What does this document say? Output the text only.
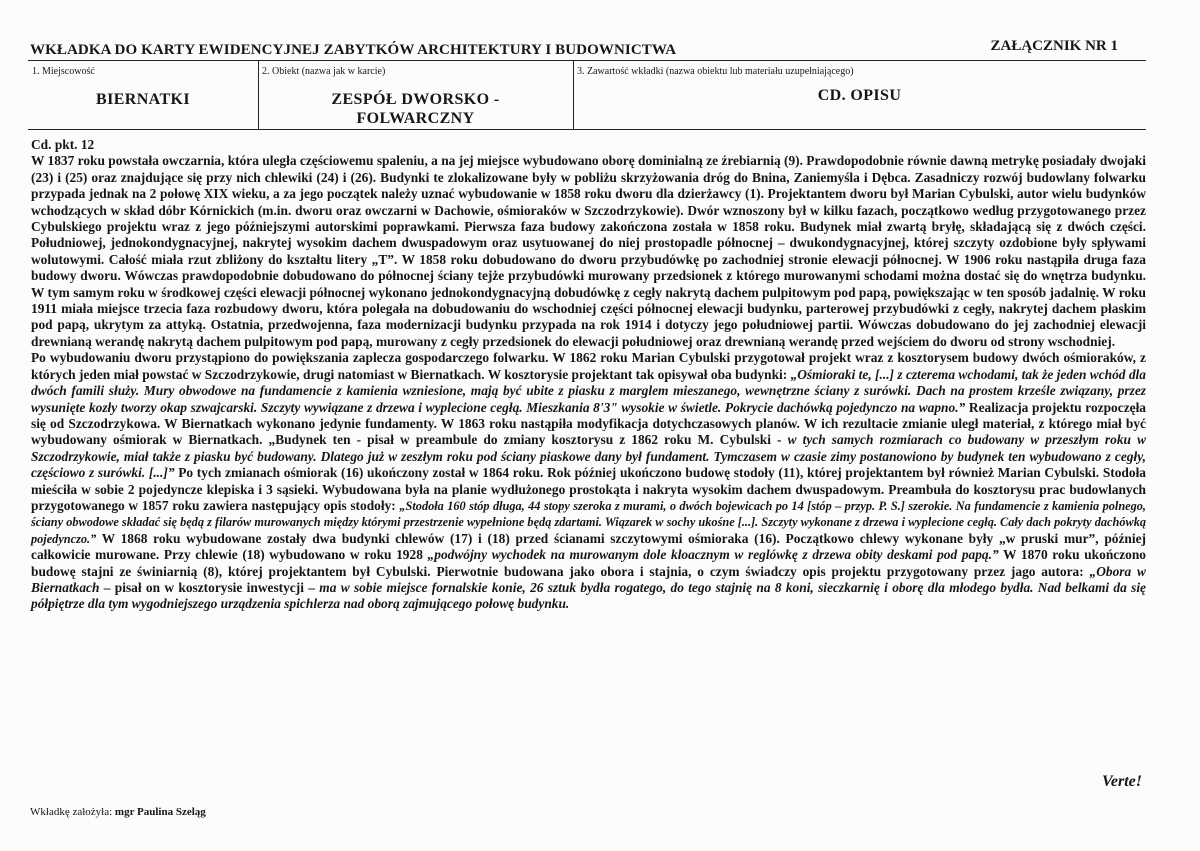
WKŁADKA DO KARTY EWIDENCYJNEJ ZABYTKÓW ARCHITEKTURY I BUDOWNICTWA	ZAŁĄCZNIK NR 1
1. Miejscowość
BIERNATKI
2. Obiekt (nazwa jak w karcie)
ZESPÓŁ DWORSKO -
FOLWARCZNY
3. Zawartość wkładki (nazwa obiektu lub materiału uzupełniającego)
CD. OPISU

Cd. pkt. 12

W 1837 roku powstała owczarnia, która uległa częściowemu spaleniu, a na jej miejsce wybudowano oborę dominialną ze źrebiarnią (9). Prawdopodobnie równie dawną metrykę posiadały dwojaki (23) i (25) oraz znajdujące się przy nich chlewiki (24) i (26). Budynki te zlokalizowane były w pobliżu skrzyżowania dróg do Bnina, Zaniemyśla i Dębca. Zasadniczy rozwój budowlany folwarku przypada jednak na 2 połowę XIX wieku, a za jego początek należy uznać wybudowanie w 1858 roku dworu dla dzierżawcy (1). Projektantem dworu był Marian Cybulski, autor wielu budynków wchodzących w skład dóbr Kórnickich (m.in. dworu oraz owczarni w Dachowie, ośmioraków w Szczodrzykowie). Dwór wznoszony był w kilku fazach, początkowo według przygotowanego przez Cybulskiego projektu wraz z jego późniejszymi autorskimi poprawkami. Pierwsza faza budowy zakończona została w 1858 roku. Budynek miał zwartą bryłę, składającą się z dwóch części. Południowej, jednokondygnacyjnej, nakrytej wysokim dachem dwuspadowym oraz usytuowanej do niej prostopadle północnej – dwukondygnacyjnej, której szczyty ozdobione były spływami wolutowymi. Całość miała rzut zbliżony do kształtu litery „T”. W 1858 roku dobudowano do dworu przybudówkę po zachodniej stronie elewacji północnej. W 1906 roku nastąpiła druga faza budowy dworu. Wówczas prawdopodobnie dobudowano do północnej ściany tejże przybudówki murowany przedsionek z którego murowanymi schodami można dostać się do wnętrza budynku. W tym samym roku w środkowej części elewacji północnej wykonano jednokondygnacyjną dobudówkę z cegły nakrytą dachem pulpitowym pod papą, powiększając w ten sposób jadalnię. W roku 1911 miała miejsce trzecia faza rozbudowy dworu, która polegała na dobudowaniu do wschodniej części północnej elewacji budynku, parterowej przybudówki z cegły, nakrytej dachem płaskim pod papą, ukrytym za attyką. Ostatnia, przedwojenna, faza modernizacji budynku przypada na rok 1914 i dotyczy jego południowej partii. Wówczas dobudowano do jej zachodniej elewacji drewnianą werandę nakrytą dachem pulpitowym pod papą, murowany z cegły przedsionek do elewacji południowej oraz drewnianą werandę przed wejściem do dworu od strony wschodniej.

Po wybudowaniu dworu przystąpiono do powiększania zaplecza gospodarczego folwarku. W 1862 roku Marian Cybulski przygotował projekt wraz z kosztorysem budowy dwóch ośmioraków, z których jeden miał powstać w Szczodrzykowie, drugi natomiast w Biernatkach. W kosztorysie projektant tak opisywał oba budynki: „Ośmioraki te, [...] z czterema wchodami, tak że jeden wchód dla dwóch famili służy. Mury obwodowe na fundamencie z kamienia wzniesione, mają być ubite z piasku z marglem mieszanego, wewnętrzne ściany z surówki. Dach na prostem krześle związany, przez wysunięte kozły tworzy okap szwajcarski. Szczyty wywiązane z drzewa i wyplecione cegłą. Mieszkania 8'3" wysokie w świetle. Pokrycie dachówką pojedynczo na wapno.” Realizacja projektu rozpoczęła się od Szczodrzykowa. W Biernatkach wykonano jedynie fundamenty. W 1863 roku nastąpiła modyfikacja dotychczasowych planów. W ich rezultacie zmianie uległ materiał, z którego miał być wybudowany ośmiorak w Biernatkach. „Budynek ten - pisał w preambule do zmiany kosztorysu z 1862 roku M. Cybulski - w tych samych rozmiarach co budowany w przeszłym roku w Szczodrzykowie, miał także z piasku być budowany. Dlatego już w zeszłym roku pod ściany piaskowe dany był fundament. Tymczasem w czasie zimy postanowiono by budynek ten wybudowano z cegły, częściowo z surówki. [...]” Po tych zmianach ośmiorak (16) ukończony został w 1864 roku. Rok później ukończono budowę stodoły (11), której projektantem był również Marian Cybulski. Stodoła mieściła w sobie 2 pojedyncze klepiska i 3 sąsieki. Wybudowana była na planie wydłużonego prostokąta i nakryta wysokim dachem dwuspadowym. Preambuła do kosztorysu prac budowlanych przygotowanego w 1857 roku zawiera następujący opis stodoły: „Stodoła 160 stóp długa, 44 stopy szeroka z murami, o dwóch bojewicach po 14 [stóp – przyp. P. S.] szerokie. Na fundamencie z kamienia polnego, ściany obwodowe składać się będą z filarów murowanych między którymi przestrzenie wypełnione będą zdartami. Wiązarek w sochy ukośne [...]. Szczyty wykonane z drzewa i wyplecione cegłą. Cały dach pokryty dachówką pojedynczo.” W 1868 roku wybudowane zostały dwa budynki chlewów (17) i (18) przed ścianami szczytowymi ośmioraka (16). Początkowo chlewy wykonane były „w pruski mur”, później całkowicie murowane. Przy chlewie (18) wybudowano w roku 1928 „podwójny wychodek na murowanym dole kloacznym w reglówkę z drzewa obity deskami pod papą.” W 1870 roku ukończono budowę stajni ze świniarnią (8), której projektantem był Cybulski. Pierwotnie budowana jako obora i stajnia, o czym świadczy opis projektu przygotowany przez jago autora: „Obora w Biernatkach – pisał on w kosztorysie inwestycji – ma w sobie miejsce fornalskie konie, 26 sztuk bydła rogatego, do tego stajnię na 8 koni, sieczkarnię i oborę dla młodego bydła. Nad belkami da się półpiętrze dla tym wygodniejszego urządzenia spichlerza nad oborą zajmującego połowę budynku.

Verte!
Wkładkę założyła: mgr Paulina Szeląg
